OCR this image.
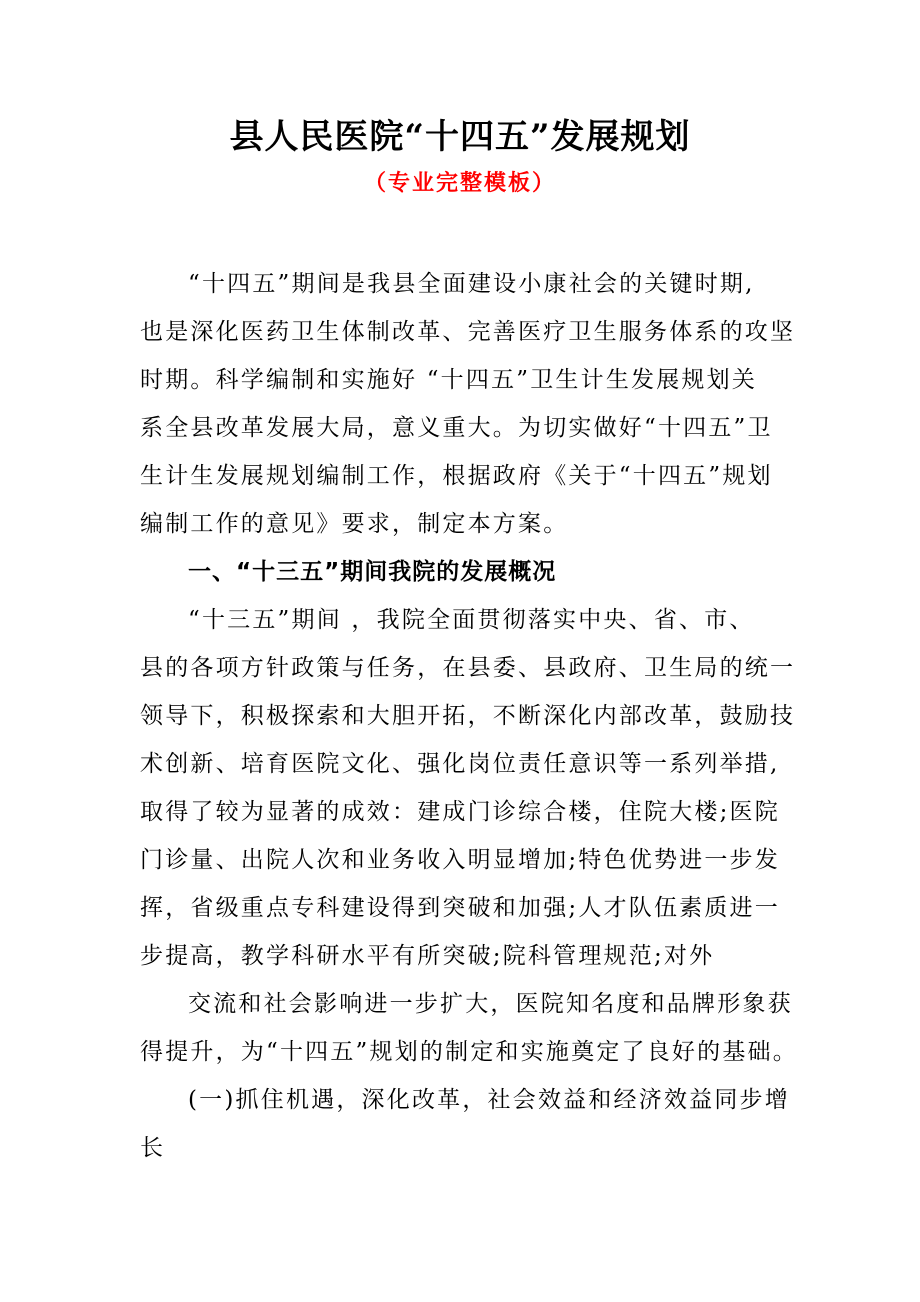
县人民医院“十四五”发展规划
（专业完整模板）
“十四五”期间是我县全面建设小康社会的关键时期,
也是深化医药卫生体制改革、完善医疗卫生服务体系的攻坚
时期。科学编制和实施好 “十四五”卫生计生发展规划关
系全县改革发展大局，意义重大。为切实做好“十四五”卫
生计生发展规划编制工作，根据政府《关于“十四五”规划
编制工作的意见》要求，制定本方案。
一、“十三五”期间我院的发展概况
“十三五”期间 ，我院全面贯彻落实中央、省、市、
县的各项方针政策与任务，在县委、县政府、卫生局的统一
领导下，积极探索和大胆开拓，不断深化内部改革，鼓励技
术创新、培育医院文化、强化岗位责任意识等一系列举措,
取得了较为显著的成效：建成门诊综合楼，住院大楼;医院
门诊量、出院人次和业务收入明显增加;特色优势进一步发
挥，省级重点专科建设得到突破和加强;人才队伍素质进一
步提高，教学科研水平有所突破;院科管理规范;对外
交流和社会影响进一步扩大，医院知名度和品牌形象获
得提升，为“十四五”规划的制定和实施奠定了良好的基础。
(一)抓住机遇，深化改革，社会效益和经济效益同步增
长
